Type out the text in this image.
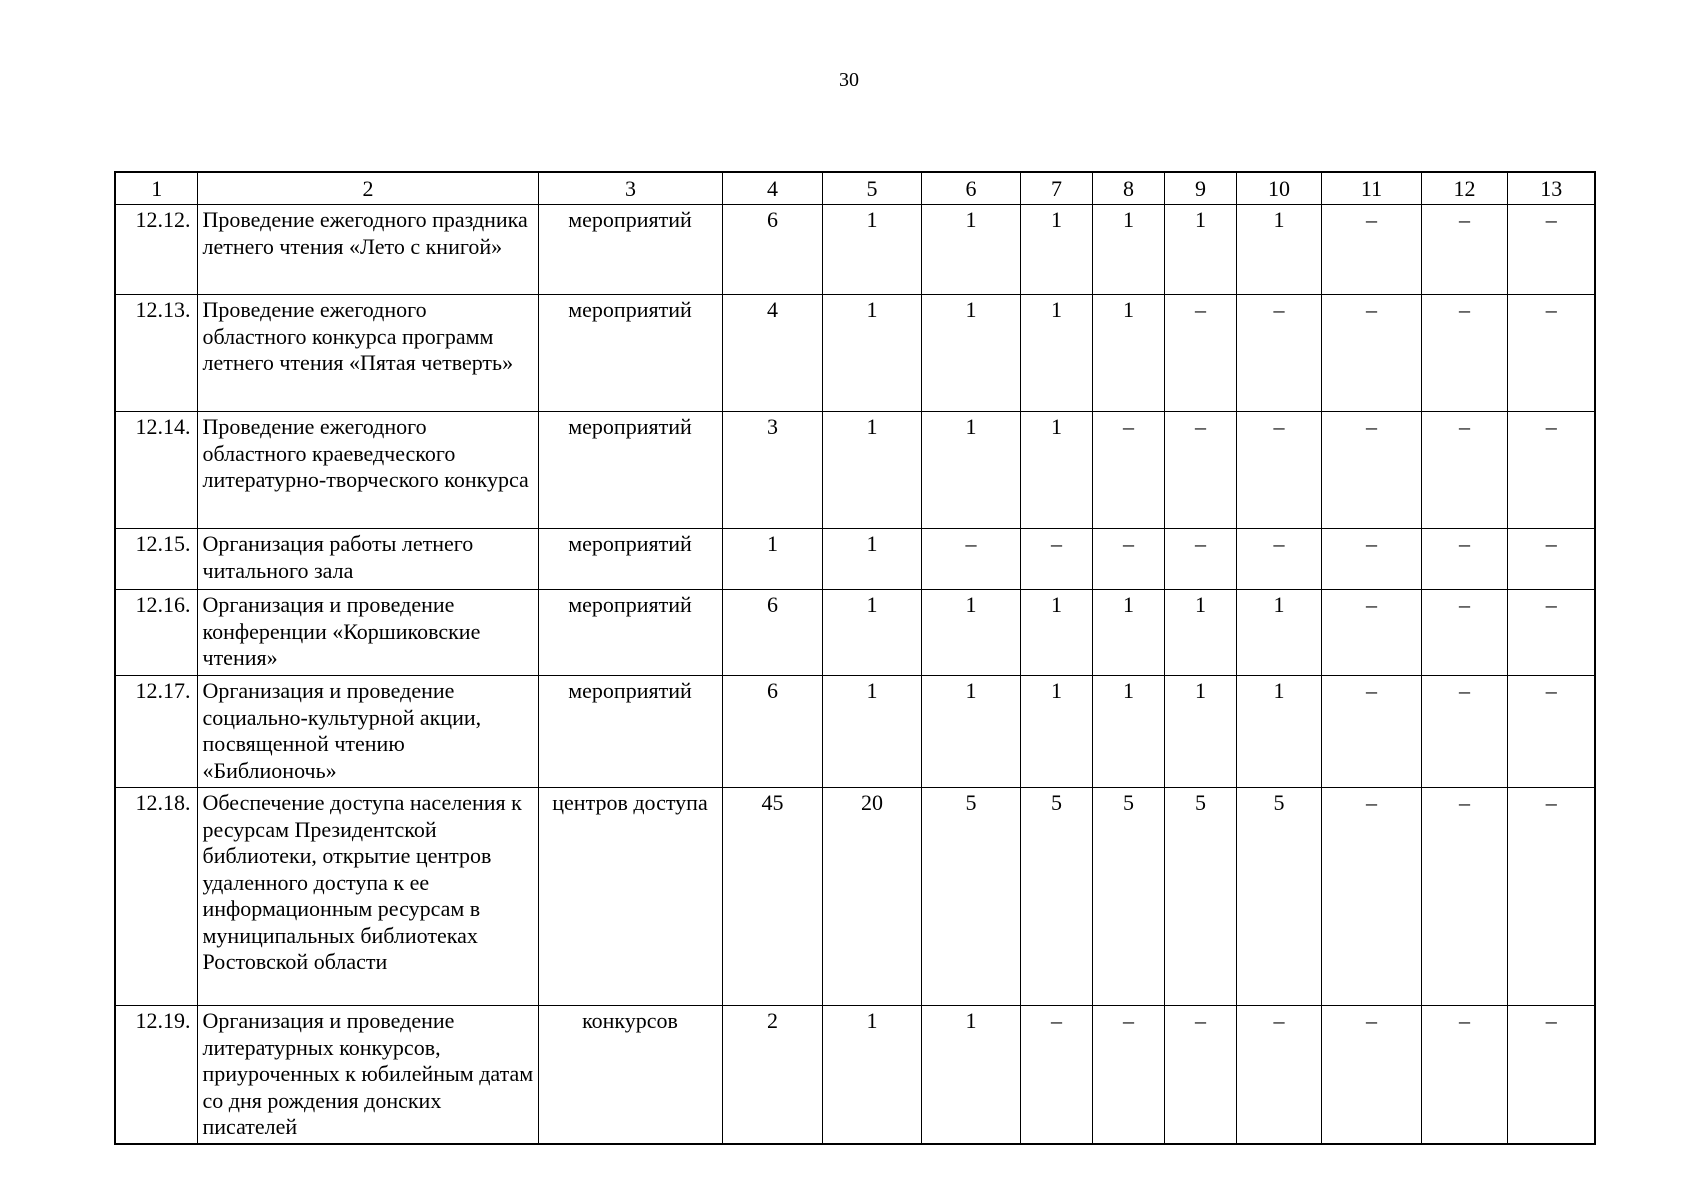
30
1	2	3	4	5	6	7	8	9	10	11	12	13
12.12.	Проведение ежегодного праздника летнего чтения «Лето с книгой»	мероприятий	6	1	1	1	1	1	1	–	–	–
12.13.	Проведение ежегодного областного конкурса программ летнего чтения «Пятая четверть»	мероприятий	4	1	1	1	1	–	–	–	–	–
12.14.	Проведение ежегодного областного краеведческого литературно-творческого конкурса	мероприятий	3	1	1	1	–	–	–	–	–	–
12.15.	Организация работы летнего читального зала	мероприятий	1	1	–	–	–	–	–	–	–	–
12.16.	Организация и проведение конференции «Коршиковские чтения»	мероприятий	6	1	1	1	1	1	1	–	–	–
12.17.	Организация и проведение социально-культурной акции, посвященной чтению «Библионочь»	мероприятий	6	1	1	1	1	1	1	–	–	–
12.18.	Обеспечение доступа населения к ресурсам Президентской библиотеки, открытие центров удаленного доступа к ее информационным ресурсам в муниципальных библиотеках Ростовской области	центров доступа	45	20	5	5	5	5	5	–	–	–
12.19.	Организация и проведение литературных конкурсов, приуроченных к юбилейным датам со дня рождения донских писателей	конкурсов	2	1	1	–	–	–	–	–	–	–
